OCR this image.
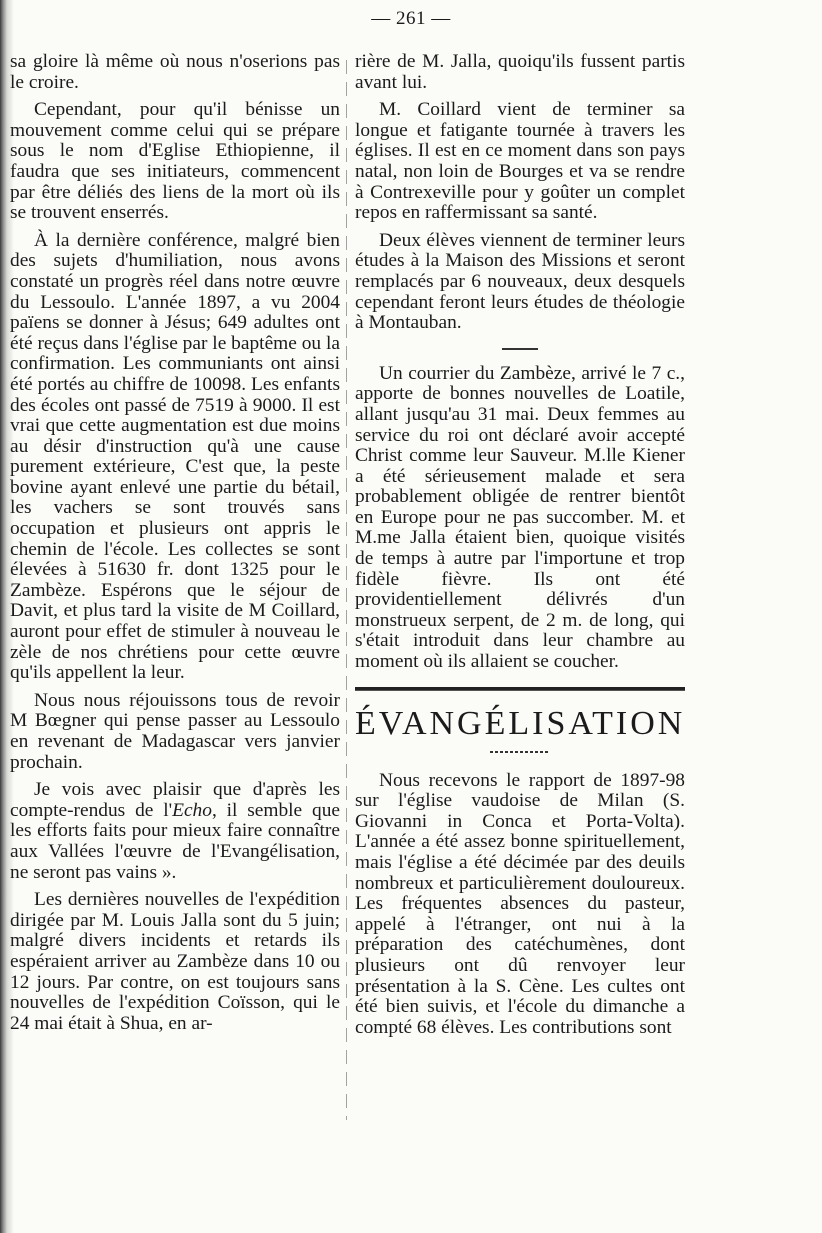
— 261 —

sa gloire là même où nous n'oserions pas le croire.

Cependant, pour qu'il bénisse un mouvement comme celui qui se prépare sous le nom d'Eglise Ethiopienne, il faudra que ses initiateurs, commencent par être déliés des liens de la mort où ils se trouvent enserrés.

À la dernière conférence, malgré bien des sujets d'humiliation, nous avons constaté un progrès réel dans notre œuvre du Lessoulo. L'année 1897, a vu 2004 païens se donner à Jésus; 649 adultes ont été reçus dans l'église par le baptême ou la confirmation. Les communiants ont ainsi été portés au chiffre de 10098. Les enfants des écoles ont passé de 7519 à 9000. Il est vrai que cette augmentation est due moins au désir d'instruction qu'à une cause purement extérieure, C'est que, la peste bovine ayant enlevé une partie du bétail, les vachers se sont trouvés sans occupation et plusieurs ont appris le chemin de l'école. Les collectes se sont élevées à 51630 fr. dont 1325 pour le Zambèze. Espérons que le séjour de Davit, et plus tard la visite de M Coillard, auront pour effet de stimuler à nouveau le zèle de nos chrétiens pour cette œuvre qu'ils appellent la leur.

Nous nous réjouissons tous de revoir M Bœgner qui pense passer au Lessoulo en revenant de Madagascar vers janvier prochain.

Je vois avec plaisir que d'après les compte-rendus de l'Echo, il semble que les efforts faits pour mieux faire connaître aux Vallées l'œuvre de l'Evangélisation, ne seront pas vains ».

Les dernières nouvelles de l'expédition dirigée par M. Louis Jalla sont du 5 juin; malgré divers incidents et retards ils espéraient arriver au Zambèze dans 10 ou 12 jours. Par contre, on est toujours sans nouvelles de l'expédition Coïsson, qui le 24 mai était à Shua, en ar-

rière de M. Jalla, quoiqu'ils fussent partis avant lui.

M. Coillard vient de terminer sa longue et fatigante tournée à travers les églises. Il est en ce moment dans son pays natal, non loin de Bourges et va se rendre à Contrexeville pour y goûter un complet repos en raffermissant sa santé.

Deux élèves viennent de terminer leurs études à la Maison des Missions et seront remplacés par 6 nouveaux, deux desquels cependant feront leurs études de théologie à Montauban.

Un courrier du Zambèze, arrivé le 7 c., apporte de bonnes nouvelles de Loatile, allant jusqu'au 31 mai. Deux femmes au service du roi ont déclaré avoir accepté Christ comme leur Sauveur. M.lle Kiener a été sérieusement malade et sera probablement obligée de rentrer bientôt en Europe pour ne pas succomber. M. et M.me Jalla étaient bien, quoique visités de temps à autre par l'importune et trop fidèle fièvre. Ils ont été providentiellement délivrés d'un monstrueux serpent, de 2 m. de long, qui s'était introduit dans leur chambre au moment où ils allaient se coucher.

ÉVANGÉLISATION

Nous recevons le rapport de 1897-98 sur l'église vaudoise de Milan (S. Giovanni in Conca et Porta-Volta). L'année a été assez bonne spirituellement, mais l'église a été décimée par des deuils nombreux et particulièrement douloureux. Les fréquentes absences du pasteur, appelé à l'étranger, ont nui à la préparation des catéchumènes, dont plusieurs ont dû renvoyer leur présentation à la S. Cène. Les cultes ont été bien suivis, et l'école du dimanche a compté 68 élèves. Les contributions sont
